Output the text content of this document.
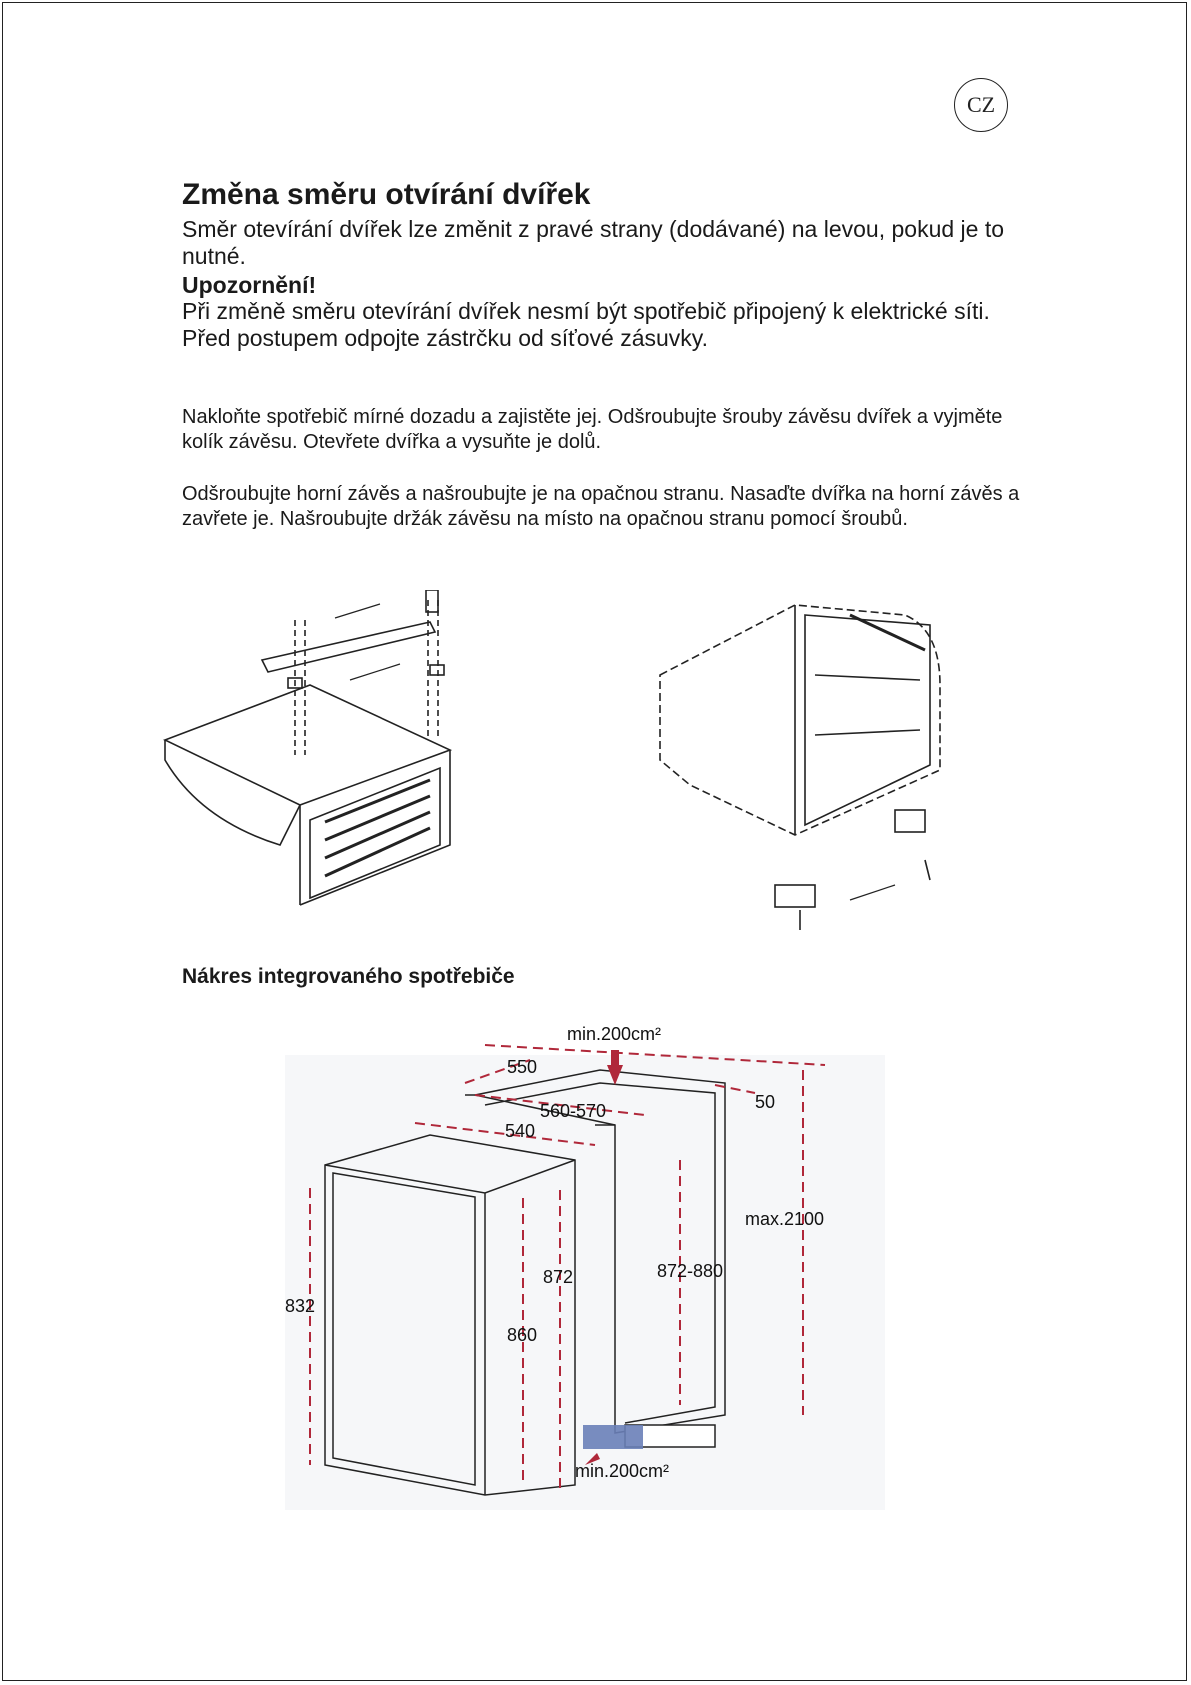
CZ
Změna směru otvírání dvířek

Směr otevírání dvířek lze změnit z pravé strany (dodávané) na levou, pokud je to nutné.

Upozornění!

Při změně směru otevírání dvířek nesmí být spotřebič připojený k elektrické síti. Před postupem odpojte zástrčku od síťové zásuvky.

Nakloňte spotřebič mírné dozadu a zajistěte jej. Odšroubujte šrouby závěsu dvířek a vyjměte kolík závěsu. Otevřete dvířka a vysuňte je dolů.

Odšroubujte horní závěs a našroubujte je na opačnou stranu. Nasaďte dvířka na horní závěs a zavřete je. Našroubujte držák závěsu na místo na opačnou stranu pomocí šroubů.

Nákres integrovaného spotřebiče
550
min.200cm²
560-570	50
540
max.2100
872	872-880
832
860
min.200cm²
